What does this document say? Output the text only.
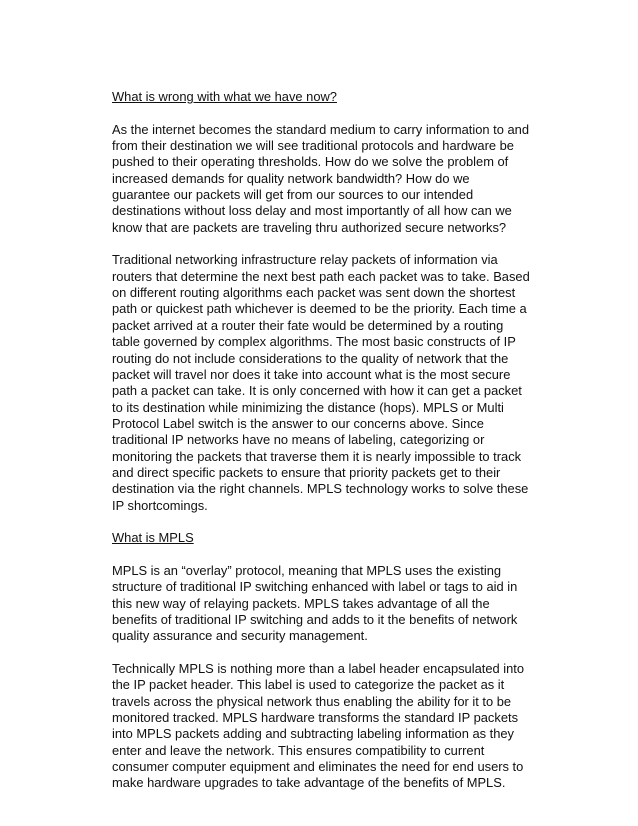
What is wrong with what we have now?

As the internet becomes the standard medium to carry information to and from their destination we will see traditional protocols and hardware be pushed to their operating thresholds. How do we solve the problem of increased demands for quality network bandwidth? How do we guarantee our packets will get from our sources to our intended destinations without loss delay and most importantly of all how can we know that are packets are traveling thru authorized secure networks?

Traditional networking infrastructure relay packets of information via routers that determine the next best path each packet was to take. Based on different routing algorithms each packet was sent down the shortest path or quickest path whichever is deemed to be the priority. Each time a packet arrived at a router their fate would be determined by a routing table governed by complex algorithms. The most basic constructs of IP routing do not include considerations to the quality of network that the packet will travel nor does it take into account what is the most secure path a packet can take. It is only concerned with how it can get a packet to its destination while minimizing the distance (hops). MPLS or Multi Protocol Label switch is the answer to our concerns above. Since traditional IP networks have no means of labeling, categorizing or monitoring the packets that traverse them it is nearly impossible to track and direct specific packets to ensure that priority packets get to their destination via the right channels. MPLS technology works to solve these IP shortcomings.

What is MPLS

MPLS is an “overlay” protocol, meaning that MPLS uses the existing structure of traditional IP switching enhanced with label or tags to aid in this new way of relaying packets. MPLS takes advantage of all the benefits of traditional IP switching and adds to it the benefits of network quality assurance and security management.

Technically MPLS is nothing more than a label header encapsulated into the IP packet header. This label is used to categorize the packet as it travels across the physical network thus enabling the ability for it to be monitored tracked. MPLS hardware transforms the standard IP packets into MPLS packets adding and subtracting labeling information as they enter and leave the network. This ensures compatibility to current consumer computer equipment and eliminates the need for end users to make hardware upgrades to take advantage of the benefits of MPLS.
